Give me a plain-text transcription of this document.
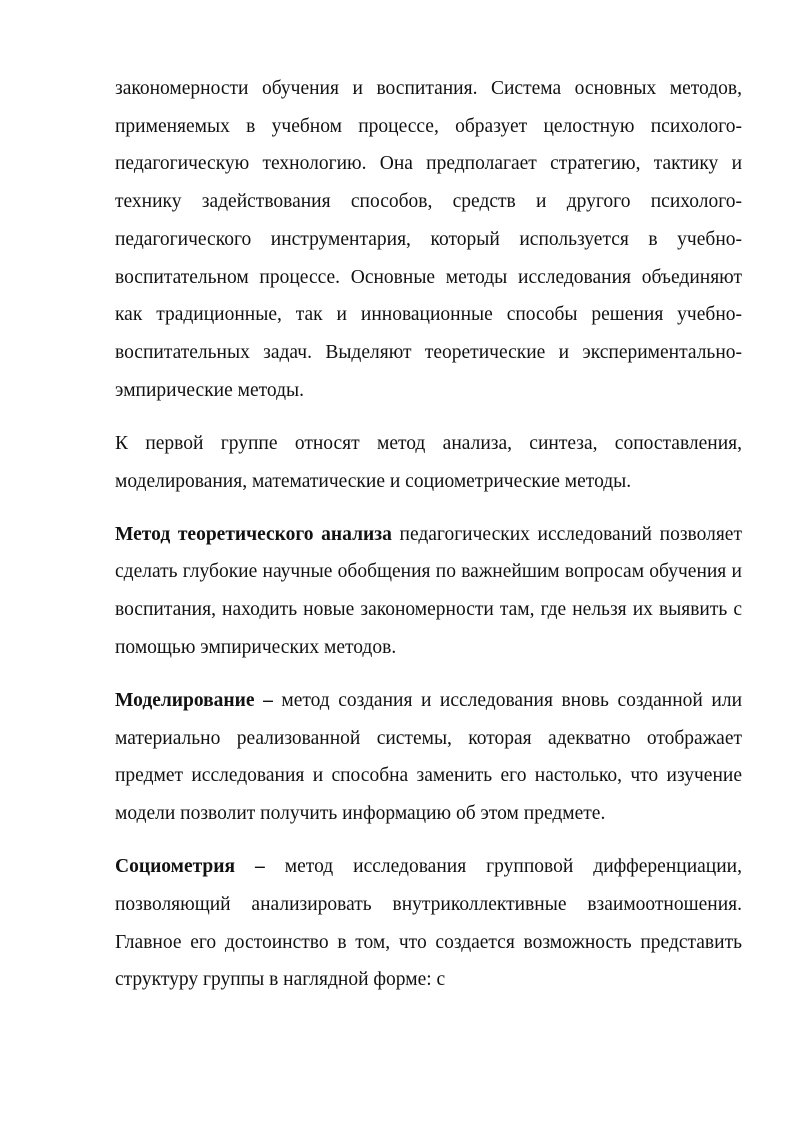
закономерности обучения и воспитания. Система основных методов, применяемых в учебном процессе, образует целостную психолого-педагогическую технологию. Она предполагает стратегию, тактику и технику задействования способов, средств и другого психолого-педагогического инструментария, который используется в учебно-воспитательном процессе. Основные методы исследования объединяют как традиционные, так и инновационные способы решения учебно-воспитательных задач. Выделяют теоретические и экспериментально-эмпирические методы.

К первой группе относят метод анализа, синтеза, сопоставления, моделирования, математические и социометрические методы.

Метод теоретического анализа педагогических исследований позволяет сделать глубокие научные обобщения по важнейшим вопросам обучения и воспитания, находить новые закономерности там, где нельзя их выявить с помощью эмпирических методов.

Моделирование – метод создания и исследования вновь созданной или материально реализованной системы, которая адекватно отображает предмет исследования и способна заменить его настолько, что изучение модели позволит получить информацию об этом предмете.

Социометрия – метод исследования групповой дифференциации, позволяющий анализировать внутриколлективные взаимоотношения. Главное его достоинство в том, что создается возможность представить структуру группы в наглядной форме: с
